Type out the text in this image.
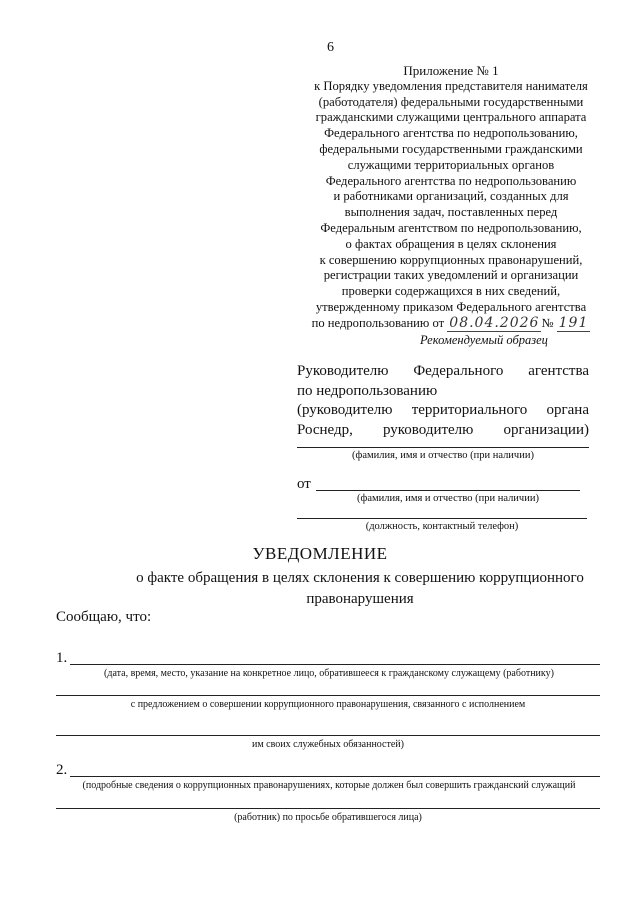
6
Приложение № 1
к Порядку уведомления представителя нанимателя
(работодателя) федеральными государственными
гражданскими служащими центрального аппарата
Федерального агентства по недропользованию,
федеральными государственными гражданскими
служащими территориальных органов
Федерального агентства по недропользованию
и работниками организаций, созданных для
выполнения задач, поставленных перед
Федеральным агентством по недропользованию,
о фактах обращения в целях склонения
к совершению коррупционных правонарушений,
регистрации таких уведомлений и организации
проверки содержащихся в них сведений,
утвержденному приказом Федерального агентства
по недропользованию от 08.04.2026 № 191
Рекомендуемый образец
Руководителю Федерального агентства
по недропользованию
(руководителю территориального органа
Роснедр, руководителю организации)
(фамилия, имя и отчество (при наличии)
от
(фамилия, имя и отчество (при наличии)
(должность, контактный телефон)
УВЕДОМЛЕНИЕ
о факте обращения в целях склонения к совершению коррупционного
правонарушения
Сообщаю, что:
1.
(дата, время, место, указание на конкретное лицо, обратившееся к гражданскому служащему (работнику)
с предложением о совершении коррупционного правонарушения, связанного с исполнением
им своих служебных обязанностей)
2.
(подробные сведения о коррупционных правонарушениях, которые должен был совершить гражданский служащий
(работник) по просьбе обратившегося лица)
